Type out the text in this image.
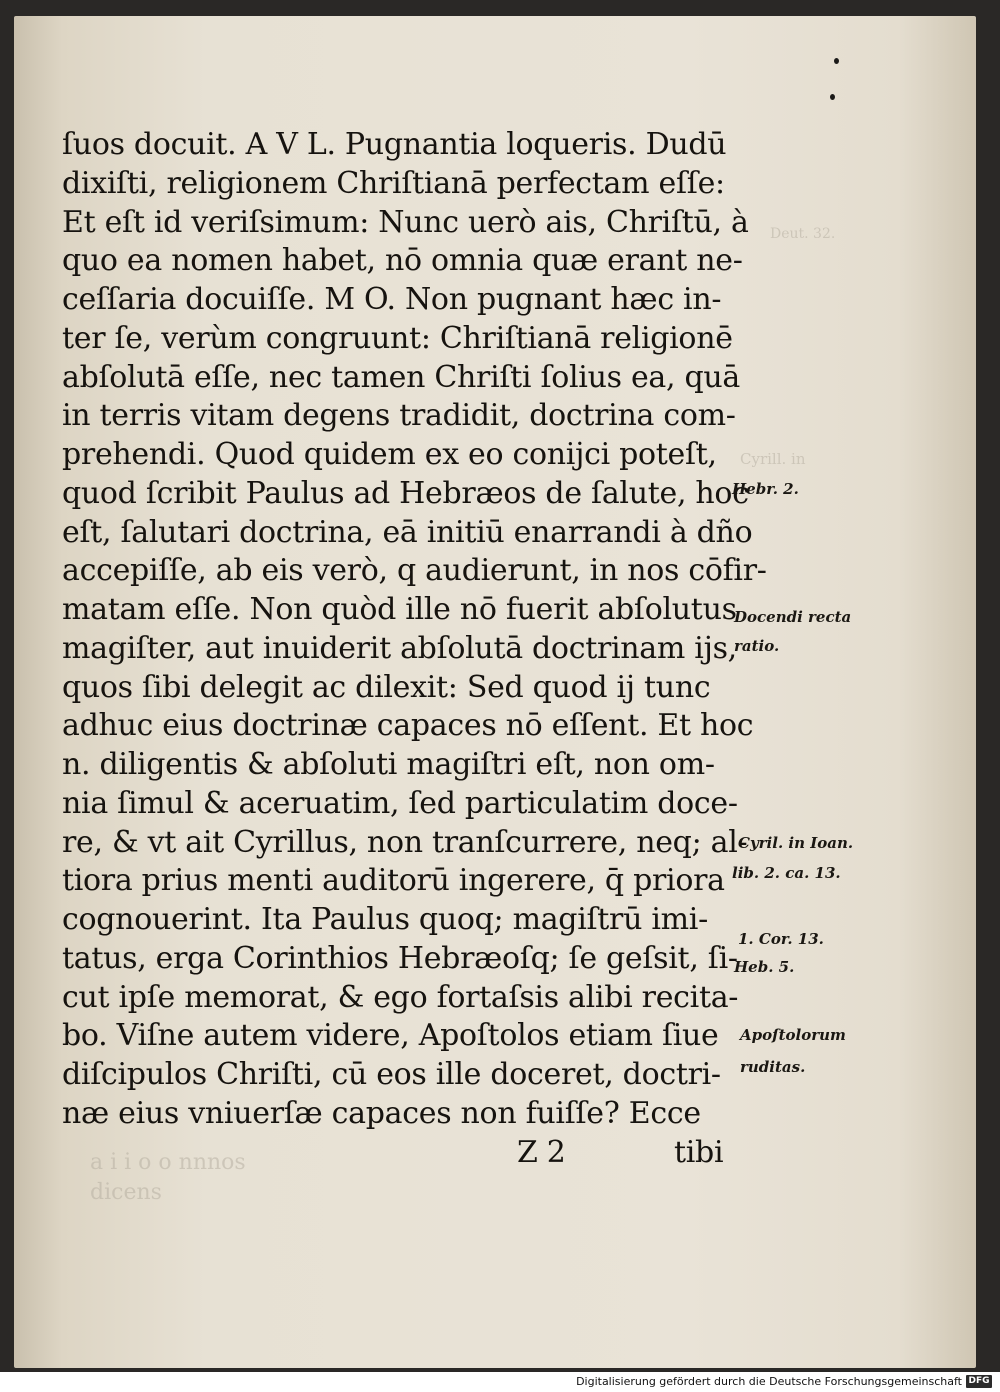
Deut. 32.
Cyrill. in
a i i o o nnnos
dicens
ſuos docuit. A V L. Pugnantia loqueris. Dudū
dixiſti, religionem Chriſtianā perfectam eſſe:
Et eſt id veriſsimum: Nunc uerò ais, Chriſtū, à
quo ea nomen habet, nō omnia quæ erant ne-
ceſſaria docuiſſe. M O. Non pugnant hæc in-
ter ſe, verùm congruunt: Chriſtianā religionē
abſolutā eſſe, nec tamen Chriſti ſolius ea, quā
in terris vitam degens tradidit, doctrina com-
prehendi. Quod quidem ex eo conijci poteſt,
quod ſcribit Paulus ad Hebræos de ſalute, hoc
eſt, ſalutari doctrina, eā initiū enarrandi à dño
accepiſſe, ab eis verò, q audierunt, in nos cōfir-
matam eſſe. Non quòd ille nō fuerit abſolutus
magiſter, aut inuiderit abſolutā doctrinam ijs,
quos ſibi delegit ac dilexit: Sed quod ij tunc
adhuc eius doctrinæ capaces nō eſſent. Et hoc
n. diligentis & abſoluti magiſtri eſt, non om-
nia ſimul & aceruatim, ſed particulatim doce-
re, & vt ait Cyrillus, non tranſcurrere, neq; al-
tiora prius menti auditorū ingerere, q̄ priora
cognouerint. Ita Paulus quoq; magiſtrū imi-
tatus, erga Corinthios Hebræoſq; ſe geſsit, ſi-
cut ipſe memorat, & ego fortaſsis alibi recita-
bo. Viſne autem videre, Apoſtolos etiam ſiue
diſcipulos Chriſti, cū eos ille doceret, doctri-
næ eius vniuerſæ capaces non fuiſſe? Ecce
Z 2	tibi

Hebr. 2.

Docendi recta

ratio.

Cyril. in Ioan.

lib. 2. ca. 13.

1. Cor. 13.

Heb. 5.

Apoſtolorum

ruditas.

Digitalisierung gefördert durch die Deutsche Forschungsgemeinschaft DFG
